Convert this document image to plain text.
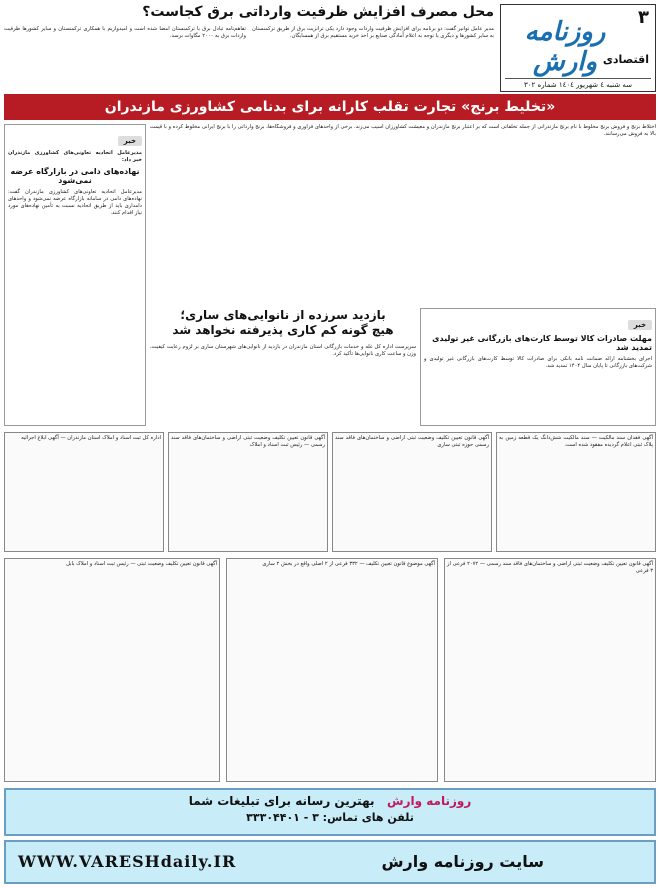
۳
روزنامه وارش اقتصادی
سه شنبه ٤ شهریور ۱٤٠٤ شماره ٣٠٢
محل مصرف افزایش ظرفیت وارداتی برق کجاست؟
مدیر عامل توانیر گفت: دو برنامه برای افزایش ظرفیت واردات وجود دارد یکی ترانزیت برق از طریق ترکمنستان به سایر کشورها و دیگری یا توجه به اعلام آمادگی صنایع بر اخذ خرید مستقیم برق از همسایگان.
تفاهم‌نامه تبادل برق با ترکمنستان امضا شده است و امیدواریم با همکاری ترکمنستان و سایر کشورها ظرفیت واردات برق به ۲۰۰۰ مگاوات برسد.
«تخلیط برنج» تجارت تقلب کارانه برای بدنامی کشاورزی مازندران
اختلاط برنج و فروش برنج مخلوط با نام برنج مازندرانی از جمله تخلفاتی است که بر اعتبار برنج مازندران و معیشت کشاورزان آسیب می‌زند. برخی از واحدهای فرآوری و فروشگاه‌ها، برنج وارداتی را با برنج ایرانی مخلوط کرده و با قیمت بالا به فروش می‌رسانند.
خبر
مهلت صادرات کالا توسط کارت‌های بازرگانی غیر تولیدی تمدید شد
اجرای بخشنامه ارائه ضمانت نامه بانکی برای صادرات کالا توسط کارت‌های بازرگانی غیر تولیدی و شرکت‌های بازرگانی تا پایان سال ۱۴۰۴ تمدید شد.
خبر
مدیرعامل اتحادیه تعاونی‌های کشاورزی مازندران خبر داد:
نهاده‌های دامی در بازارگاه عرضه نمی‌شود
مدیرعامل اتحادیه تعاونی‌های کشاورزی مازندران گفت: نهاده‌های دامی در سامانه بازارگاه عرضه نمی‌شود و واحدهای دامداری باید از طریق اتحادیه نسبت به تأمین نهاده‌های مورد نیاز اقدام کنند.
بازدید سرزده از نانوایی‌های ساری؛
هیچ گونه کم کاری پذیرفته نخواهد شد
سرپرست اداره کل غله و خدمات بازرگانی استان مازندران در بازدید از نانوایی‌های شهرستان ساری بر لزوم رعایت کیفیت، وزن و ساعت کاری نانوایی‌ها تأکید کرد.
آگهی فقدان سند مالکیت — سند مالکیت شش‌دانگ یک قطعه زمین به پلاک ثبتی اعلام گردیده مفقود شده است.
آگهی قانون تعیین تکلیف وضعیت ثبتی اراضی و ساختمان‌های فاقد سند رسمی حوزه ثبتی ساری
آگهی قانون تعیین تکلیف وضعیت ثبتی اراضی و ساختمان‌های فاقد سند رسمی — رئیس ثبت اسناد و املاک
اداره کل ثبت اسناد و املاک استان مازندران — آگهی ابلاغ اجرائیه
آگهی قانون تعیین تکلیف وضعیت ثبتی اراضی و ساختمان‌های فاقد سند رسمی — ۲۰۷۲ فرعی از ۳ فرعی
آگهی موضوع قانون تعیین تکلیف — ۳۳۲ فرعی از ۲ اصلی واقع در بخش ۲ ساری
آگهی قانون تعیین تکلیف وضعیت ثبتی — رئیس ثبت اسناد و املاک بابل
روزنامه وارش   بهترین رسانه برای تبلیغات شما
تلفن های تماس: ۳ - ۳۳۳۰۴۴۰۱
سایت روزنامه وارش
WWW.VARESHdaily.IR
